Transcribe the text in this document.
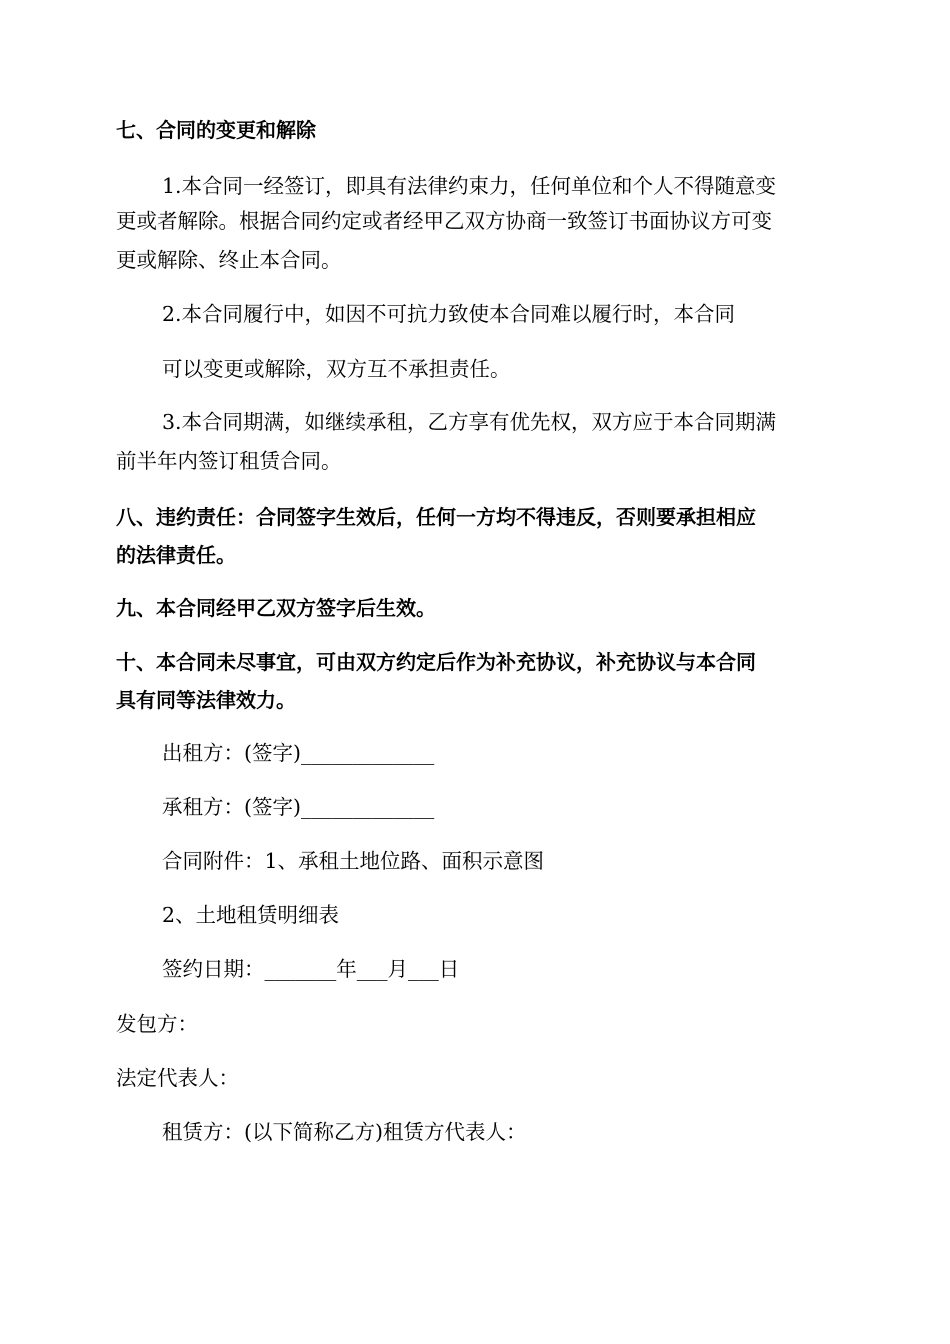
七、合同的变更和解除
1.本合同一经签订，即具有法律约束力，任何单位和个人不得随意变
更或者解除。根据合同约定或者经甲乙双方协商一致签订书面协议方可变
更或解除、终止本合同。
2.本合同履行中，如因不可抗力致使本合同难以履行时，本合同
可以变更或解除，双方互不承担责任。
3.本合同期满，如继续承租，乙方享有优先权，双方应于本合同期满
前半年内签订租赁合同。
八、违约责任：合同签字生效后，任何一方均不得违反，否则要承担相应
的法律责任。
九、本合同经甲乙双方签字后生效。
十、本合同未尽事宜，可由双方约定后作为补充协议，补充协议与本合同
具有同等法律效力。
出租方：(签字)_____________
承租方：(签字)_____________
合同附件：1、承租土地位路、面积示意图
2、土地租赁明细表
签约日期：_______年___月___日
发包方：
法定代表人：
租赁方：(以下简称乙方)租赁方代表人：
